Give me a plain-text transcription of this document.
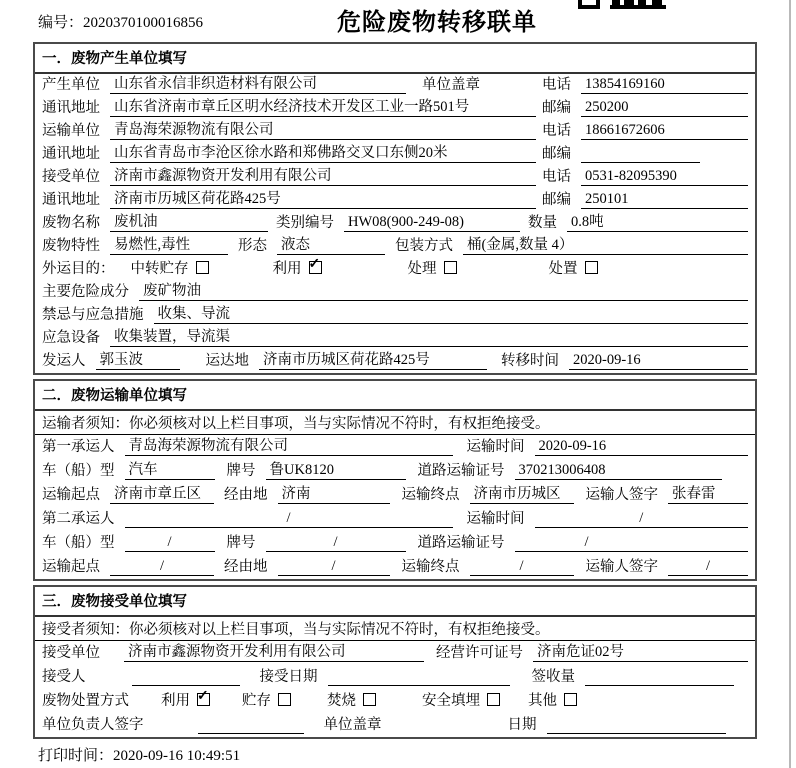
编号：2020370100016856	危险废物转移联单
一．废物产生单位填写
产生单位 山东省永信非织造材料有限公司	单位盖章	电话 13854169160
通讯地址 山东省济南市章丘区明水经济技术开发区工业一路501号	邮编 250200
运输单位 青岛海荣源物流有限公司	电话 18661672606
通讯地址 山东省青岛市李沧区徐水路和郑佛路交叉口东侧20米	邮编
接受单位 济南市鑫源物资开发利用有限公司	电话 0531-82095390
通讯地址 济南市历城区荷花路425号	邮编 250101
废物名称 废机油	类别编号 HW08(900-249-08)	数量 0.8吨
废物特性 易燃性,毒性	形态 液态	包装方式 桶(金属,数量 4）
外运目的： 中转贮存	利用 ✓	处理	处置
主要危险成分 废矿物油
禁忌与应急措施 收集、导流
应急设备 收集装置，导流渠
发运人 郭玉波	运达地 济南市历城区荷花路425号	转移时间 2020-09-16
二．废物运输单位填写
运输者须知： 你必须核对以上栏目事项，当与实际情况不符时，有权拒绝接受。
第一承运人 青岛海荣源物流有限公司	运输时间 2020-09-16
车（船）型 汽车	牌号 鲁UK8120	道路运输证号 370213006408
运输起点 济南市章丘区	经由地 济南	运输终点 济南市历城区	运输人签字 张春雷
第二承运人	/	运输时间	/
车（船）型	/	牌号	/	道路运输证号	/
运输起点	/	经由地	/	运输终点	/	运输人签字	/
三．废物接受单位填写
接受者须知： 你必须核对以上栏目事项，当与实际情况不符时，有权拒绝接受。
接受单位 济南市鑫源物资开发利用有限公司	经营许可证号 济南危证02号
接受人	接受日期	签收量
废物处置方式 利用 ✓	贮存	焚烧	安全填埋	其他
单位负责人签字	单位盖章	日期
打印时间：2020-09-16 10:49:51
